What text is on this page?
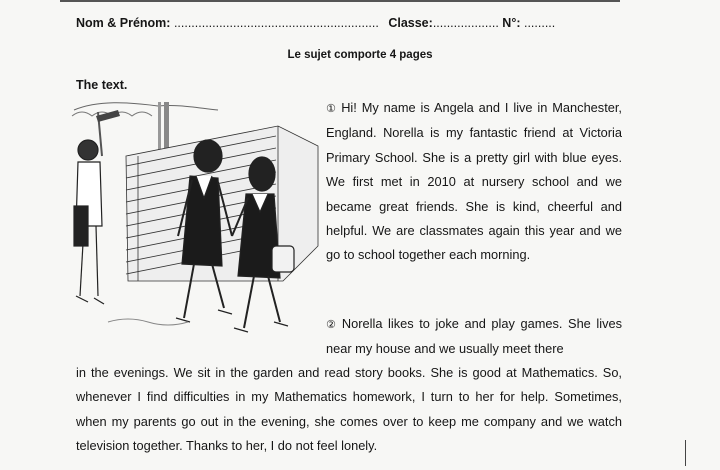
Nom & Prénom: ........................................................... Classe:................... N°: .........
Le sujet comporte 4 pages
The text.

① Hi! My name is Angela and I live in Manchester, England. Norella is my fantastic friend at Victoria Primary School. She is a pretty girl with blue eyes. We first met in 2010 at nursery school and we became great friends. She is kind, cheerful and helpful. We are classmates again this year and we go to school together each morning.

② Norella likes to joke and play games. She lives near my house and we usually meet there

in the evenings. We sit in the garden and read story books. She is good at Mathematics. So, whenever I find difficulties in my Mathematics homework, I turn to her for help. Sometimes, when my parents go out in the evening, she comes over to keep me company and we watch television together. Thanks to her, I do not feel lonely.
